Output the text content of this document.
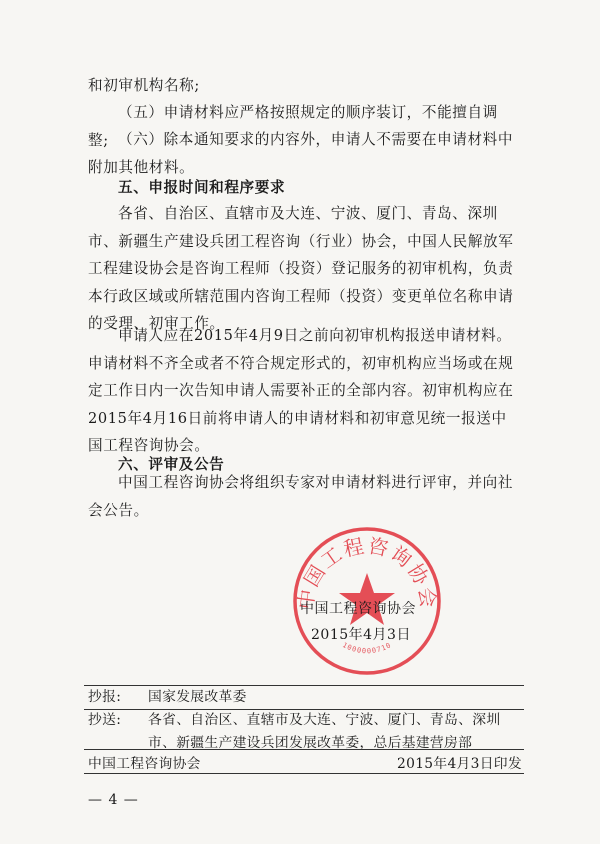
和初审机构名称;

（五）申请材料应严格按照规定的顺序装订，不能擅自调整; （六）除本通知要求的内容外，申请人不需要在申请材料中附加其他材料。

五、申报时间和程序要求

各省、自治区、直辖市及大连、宁波、厦门、青岛、深圳市、新疆生产建设兵团工程咨询（行业）协会，中国人民解放军工程建设协会是咨询工程师（投资）登记服务的初审机构，负责本行政区域或所辖范围内咨询工程师（投资）变更单位名称申请的受理、初审工作。

申请人应在2015年4月9日之前向初审机构报送申请材料。申请材料不齐全或者不符合规定形式的，初审机构应当场或在规定工作日内一次告知申请人需要补正的全部内容。初审机构应在2015年4月16日前将申请人的申请材料和初审意见统一报送中国工程咨询协会。

六、评审及公告

中国工程咨询协会将组织专家对申请材料进行评审，并向社会公告。

中国工程咨询协会
1000000710
中国工程咨询协会
2015年4月3日
抄报: 国家发展改革委
抄送: 各省、自治区、直辖市及大连、宁波、厦门、青岛、深圳
市、新疆生产建设兵团发展改革委，总后基建营房部
中国工程咨询协会	2015年4月3日印发
— 4 —
